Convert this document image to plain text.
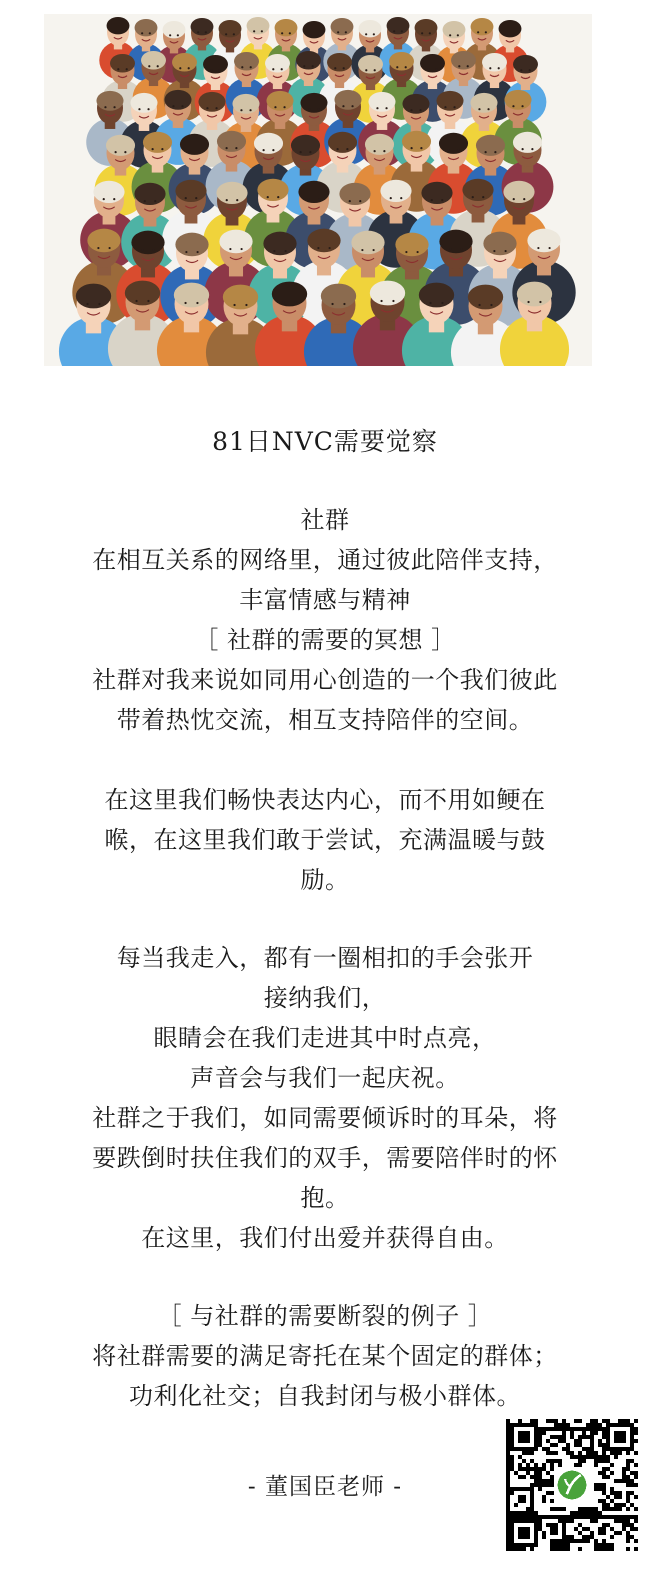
81日NVC需要觉察
社群
在相互关系的网络里，通过彼此陪伴支持，
丰富情感与精神
［ 社群的需要的冥想 ］
社群对我来说如同用心创造的一个我们彼此
带着热忱交流，相互支持陪伴的空间。
在这里我们畅快表达内心，而不用如鲠在
喉，在这里我们敢于尝试，充满温暖与鼓
励。
每当我走入，都有一圈相扣的手会张开
接纳我们，
眼睛会在我们走进其中时点亮，
声音会与我们一起庆祝。
社群之于我们，如同需要倾诉时的耳朵，将
要跌倒时扶住我们的双手，需要陪伴时的怀
抱。
在这里，我们付出爱并获得自由。
［ 与社群的需要断裂的例子 ］
将社群需要的满足寄托在某个固定的群体；
功利化社交；自我封闭与极小群体。
- 董国臣老师 -
